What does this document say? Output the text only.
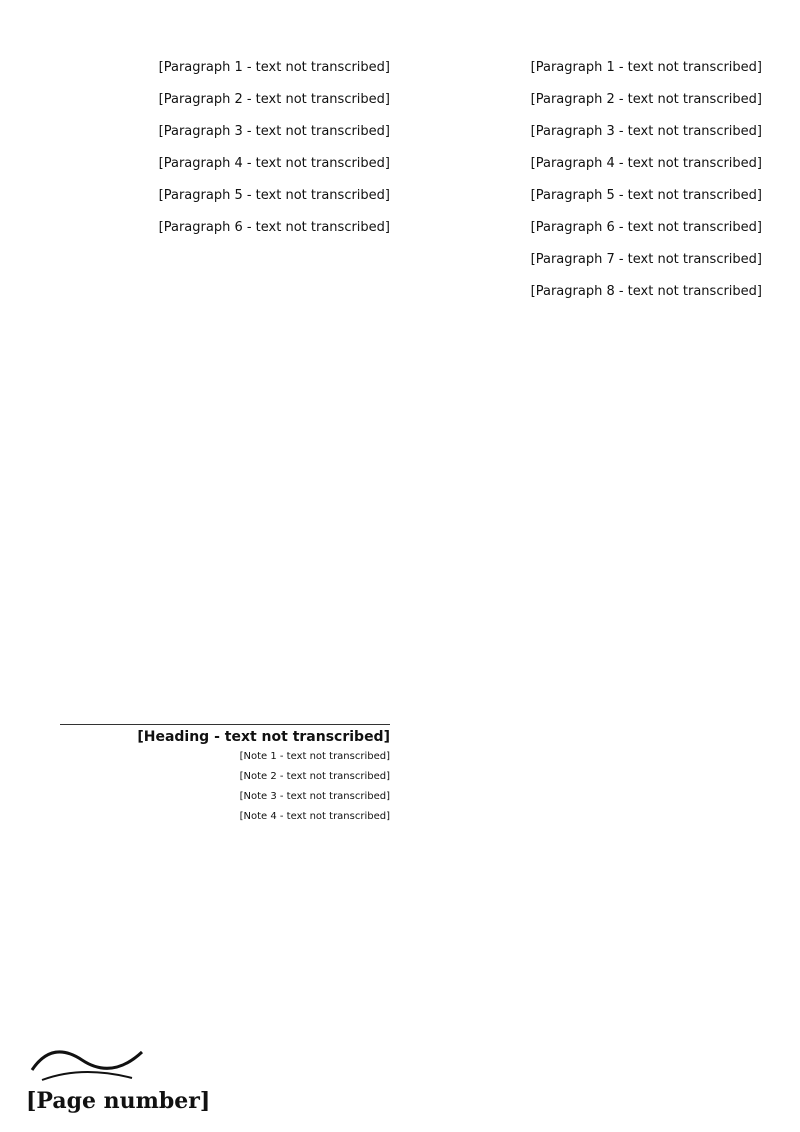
[Paragraph 1 - text not transcribed]

[Paragraph 2 - text not transcribed]

[Paragraph 3 - text not transcribed]

[Paragraph 4 - text not transcribed]

[Paragraph 5 - text not transcribed]

[Paragraph 6 - text not transcribed]

[Paragraph 7 - text not transcribed]

[Paragraph 8 - text not transcribed]

[Paragraph 1 - text not transcribed]

[Paragraph 2 - text not transcribed]

[Paragraph 3 - text not transcribed]

[Paragraph 4 - text not transcribed]

[Paragraph 5 - text not transcribed]

[Paragraph 6 - text not transcribed]

[Heading - text not transcribed]

[Note 1 - text not transcribed]

[Note 2 - text not transcribed]

[Note 3 - text not transcribed]

[Note 4 - text not transcribed]

[Page number]
